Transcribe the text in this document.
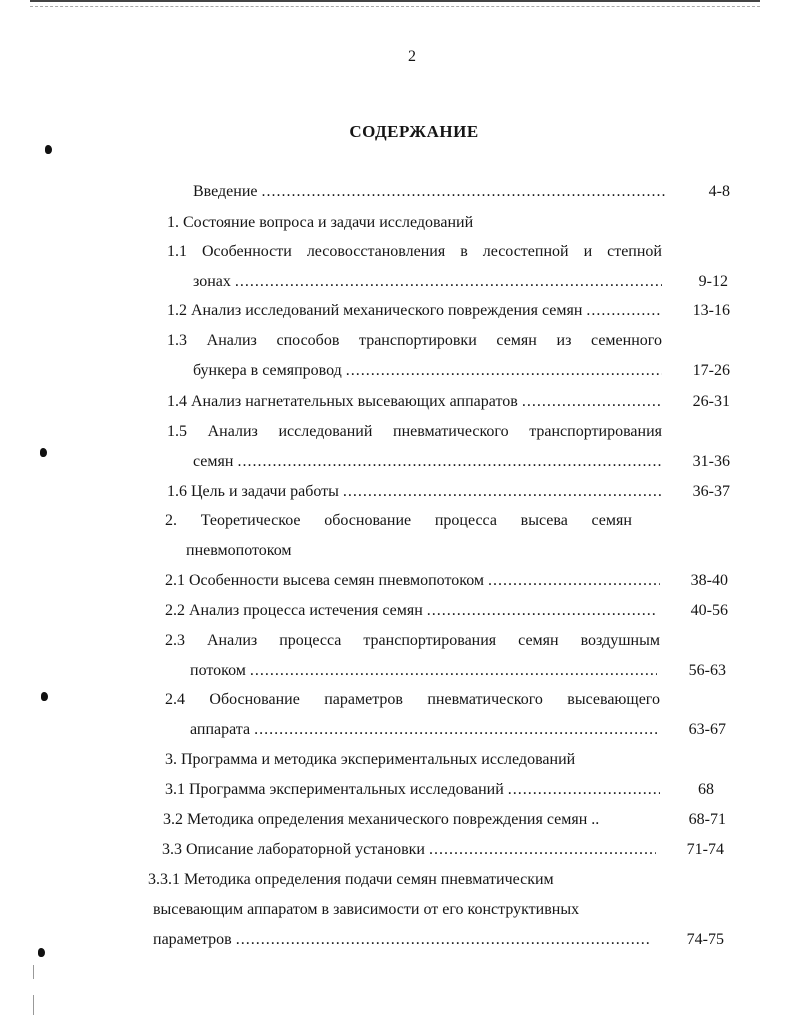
2
СОДЕРЖАНИЕ
Введение . . .	4-8
1. Состояние вопроса и задачи исследований
1.1 Особенности лесовосстановления в лесостепной и степной
зонах . . .	9-12
1.2 Анализ исследований механического повреждения семян . . .	13-16
1.3 Анализ способов транспортировки семян из семенного
бункера в семяпровод . . .	17-26
1.4 Анализ нагнетательных высевающих аппаратов . . .	26-31
1.5 Анализ исследований пневматического транспортирования
семян . . .	31-36
1.6 Цель и задачи работы . . .	36-37
2. Теоретическое обоснование процесса высева семян
пневмопотоком
2.1 Особенности высева семян пневмопотоком . . .	38-40
2.2 Анализ процесса истечения семян . . .	40-56
2.3 Анализ процесса транспортирования семян воздушным
потоком . . .	56-63
2.4 Обоснование параметров пневматического высевающего
аппарата . . .	63-67
3. Программа и методика экспериментальных исследований
3.1 Программа экспериментальных исследований . . .	68
3.2 Методика определения механического повреждения семян ..	68-71
3.3 Описание лабораторной установки . . .	71-74
3.3.1 Методика определения подачи семян пневматическим
высевающим аппаратом в зависимости от его конструктивных
параметров . . .	74-75
